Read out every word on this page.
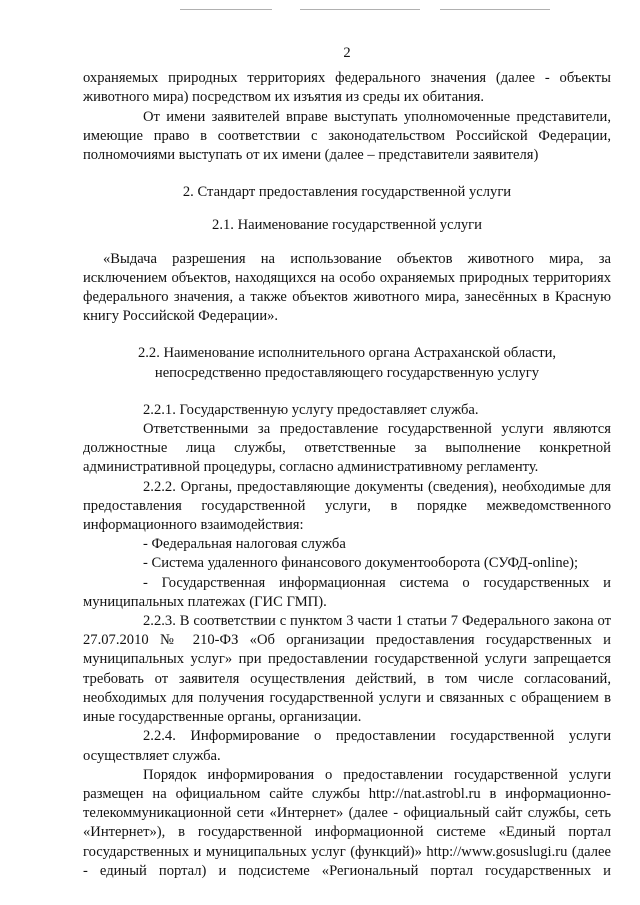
2

охраняемых природных территориях федерального значения (далее - объекты животного мира) посредством их изъятия из среды их обитания.

От имени заявителей вправе выступать уполномоченные представители, имеющие право в соответствии с законодательством Российской Федерации, полномочиями выступать от их имени (далее – представители заявителя)

2. Стандарт предоставления государственной услуги

2.1. Наименование государственной услуги

«Выдача разрешения на использование объектов животного мира, за исключением объектов, находящихся на особо охраняемых природных территориях федерального значения, а также объектов животного мира, занесённых в Красную книгу Российской Федерации».

2.2. Наименование исполнительного органа Астраханской области,

непосредственно предоставляющего государственную услугу

2.2.1. Государственную услугу предоставляет служба.

Ответственными за предоставление государственной услуги являются должностные лица службы, ответственные за выполнение конкретной административной процедуры, согласно административному регламенту.

2.2.2. Органы, предоставляющие документы (сведения), необходимые для предоставления государственной услуги, в порядке межведомственного информационного взаимодействия:

- Федеральная налоговая служба

- Система удаленного финансового документооборота (СУФД-online);

- Государственная информационная система о государственных и муниципальных платежах (ГИС ГМП).

2.2.3. В соответствии с пунктом 3 части 1 статьи 7 Федерального закона от 27.07.2010 № 210-ФЗ «Об организации предоставления государственных и муниципальных услуг» при предоставлении государственной услуги запрещается требовать от заявителя осуществления действий, в том числе согласований, необходимых для получения государственной услуги и связанных с обращением в иные государственные органы, организации.

2.2.4. Информирование о предоставлении государственной услуги осуществляет служба.

Порядок информирования о предоставлении государственной услуги размещен на официальном сайте службы http://nat.astrobl.ru в информационно-телекоммуникационной сети «Интернет» (далее - официальный сайт службы, сеть «Интернет»), в государственной информационной системе «Единый портал государственных и муниципальных услуг (функций)» http://www.gosuslugi.ru (далее - единый портал) и подсистеме «Региональный портал государственных и
